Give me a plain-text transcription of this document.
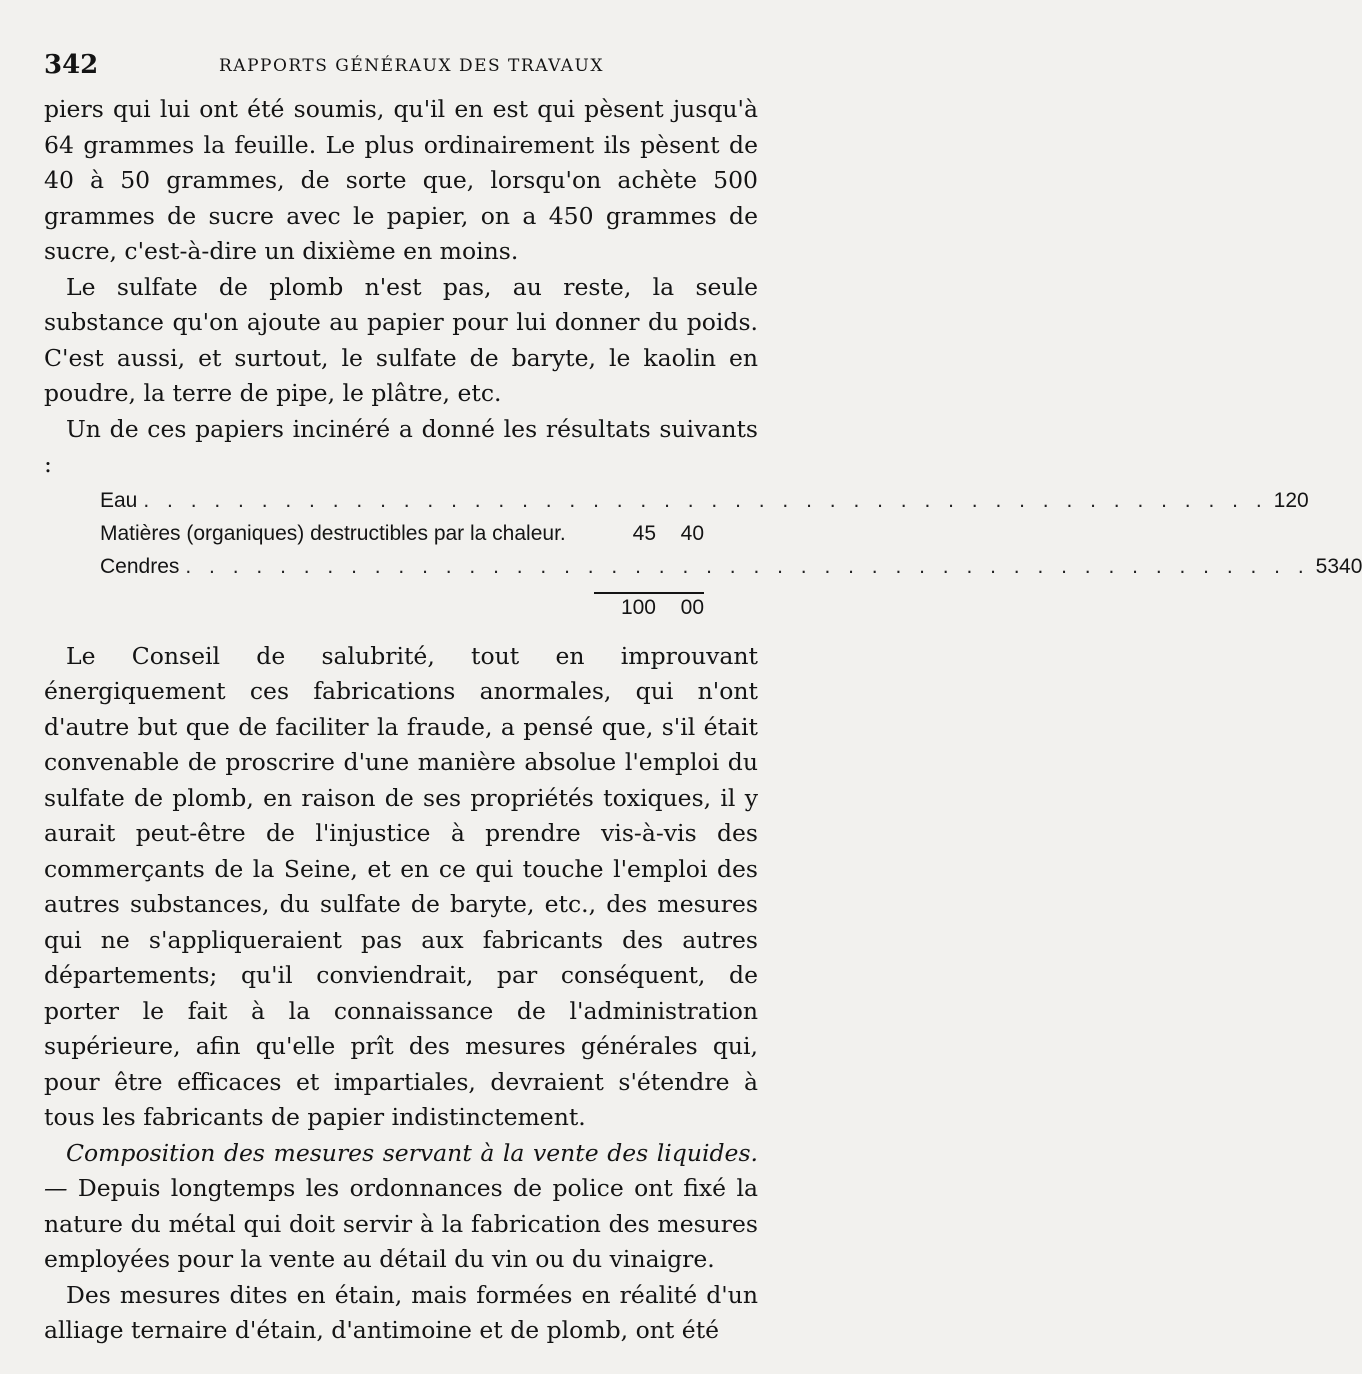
342	RAPPORTS GÉNÉRAUX DES TRAVAUX

piers qui lui ont été soumis, qu'il en est qui pèsent jusqu'à 64 grammes la feuille. Le plus ordinairement ils pèsent de 40 à 50 grammes, de sorte que, lorsqu'on achète 500 grammes de sucre avec le papier, on a 450 grammes de sucre, c'est-à-dire un dixième en moins.

Le sulfate de plomb n'est pas, au reste, la seule substance qu'on ajoute au papier pour lui donner du poids. C'est aussi, et surtout, le sulfate de baryte, le kaolin en poudre, la terre de pipe, le plâtre, etc.

Un de ces papiers incinéré a donné les résultats suivants :

Eau . . . . . . . . . . . . . . . . . . . . . . . . . . . . . . . . . . . . . . . . . . . . . . . . 1 20
Matières (organiques) destructibles par la chaleur.	45	40
Cendres . . . . . . . . . . . . . . . . . . . . . . . . . . . . . . . . . . . . . . . . . . . . . . . . 53 40
100	00

Le Conseil de salubrité, tout en improuvant énergiquement ces fabrications anormales, qui n'ont d'autre but que de faciliter la fraude, a pensé que, s'il était convenable de proscrire d'une manière absolue l'emploi du sulfate de plomb, en raison de ses propriétés toxiques, il y aurait peut-être de l'injustice à prendre vis-à-vis des commerçants de la Seine, et en ce qui touche l'emploi des autres substances, du sulfate de baryte, etc., des mesures qui ne s'appliqueraient pas aux fabricants des autres départements; qu'il conviendrait, par conséquent, de porter le fait à la connaissance de l'administration supérieure, afin qu'elle prît des mesures générales qui, pour être efficaces et impartiales, devraient s'étendre à tous les fabricants de papier indistinctement.

Composition des mesures servant à la vente des liquides. — Depuis longtemps les ordonnances de police ont fixé la nature du métal qui doit servir à la fabrication des mesures employées pour la vente au détail du vin ou du vinaigre.

Des mesures dites en étain, mais formées en réalité d'un alliage ternaire d'étain, d'antimoine et de plomb, ont été
